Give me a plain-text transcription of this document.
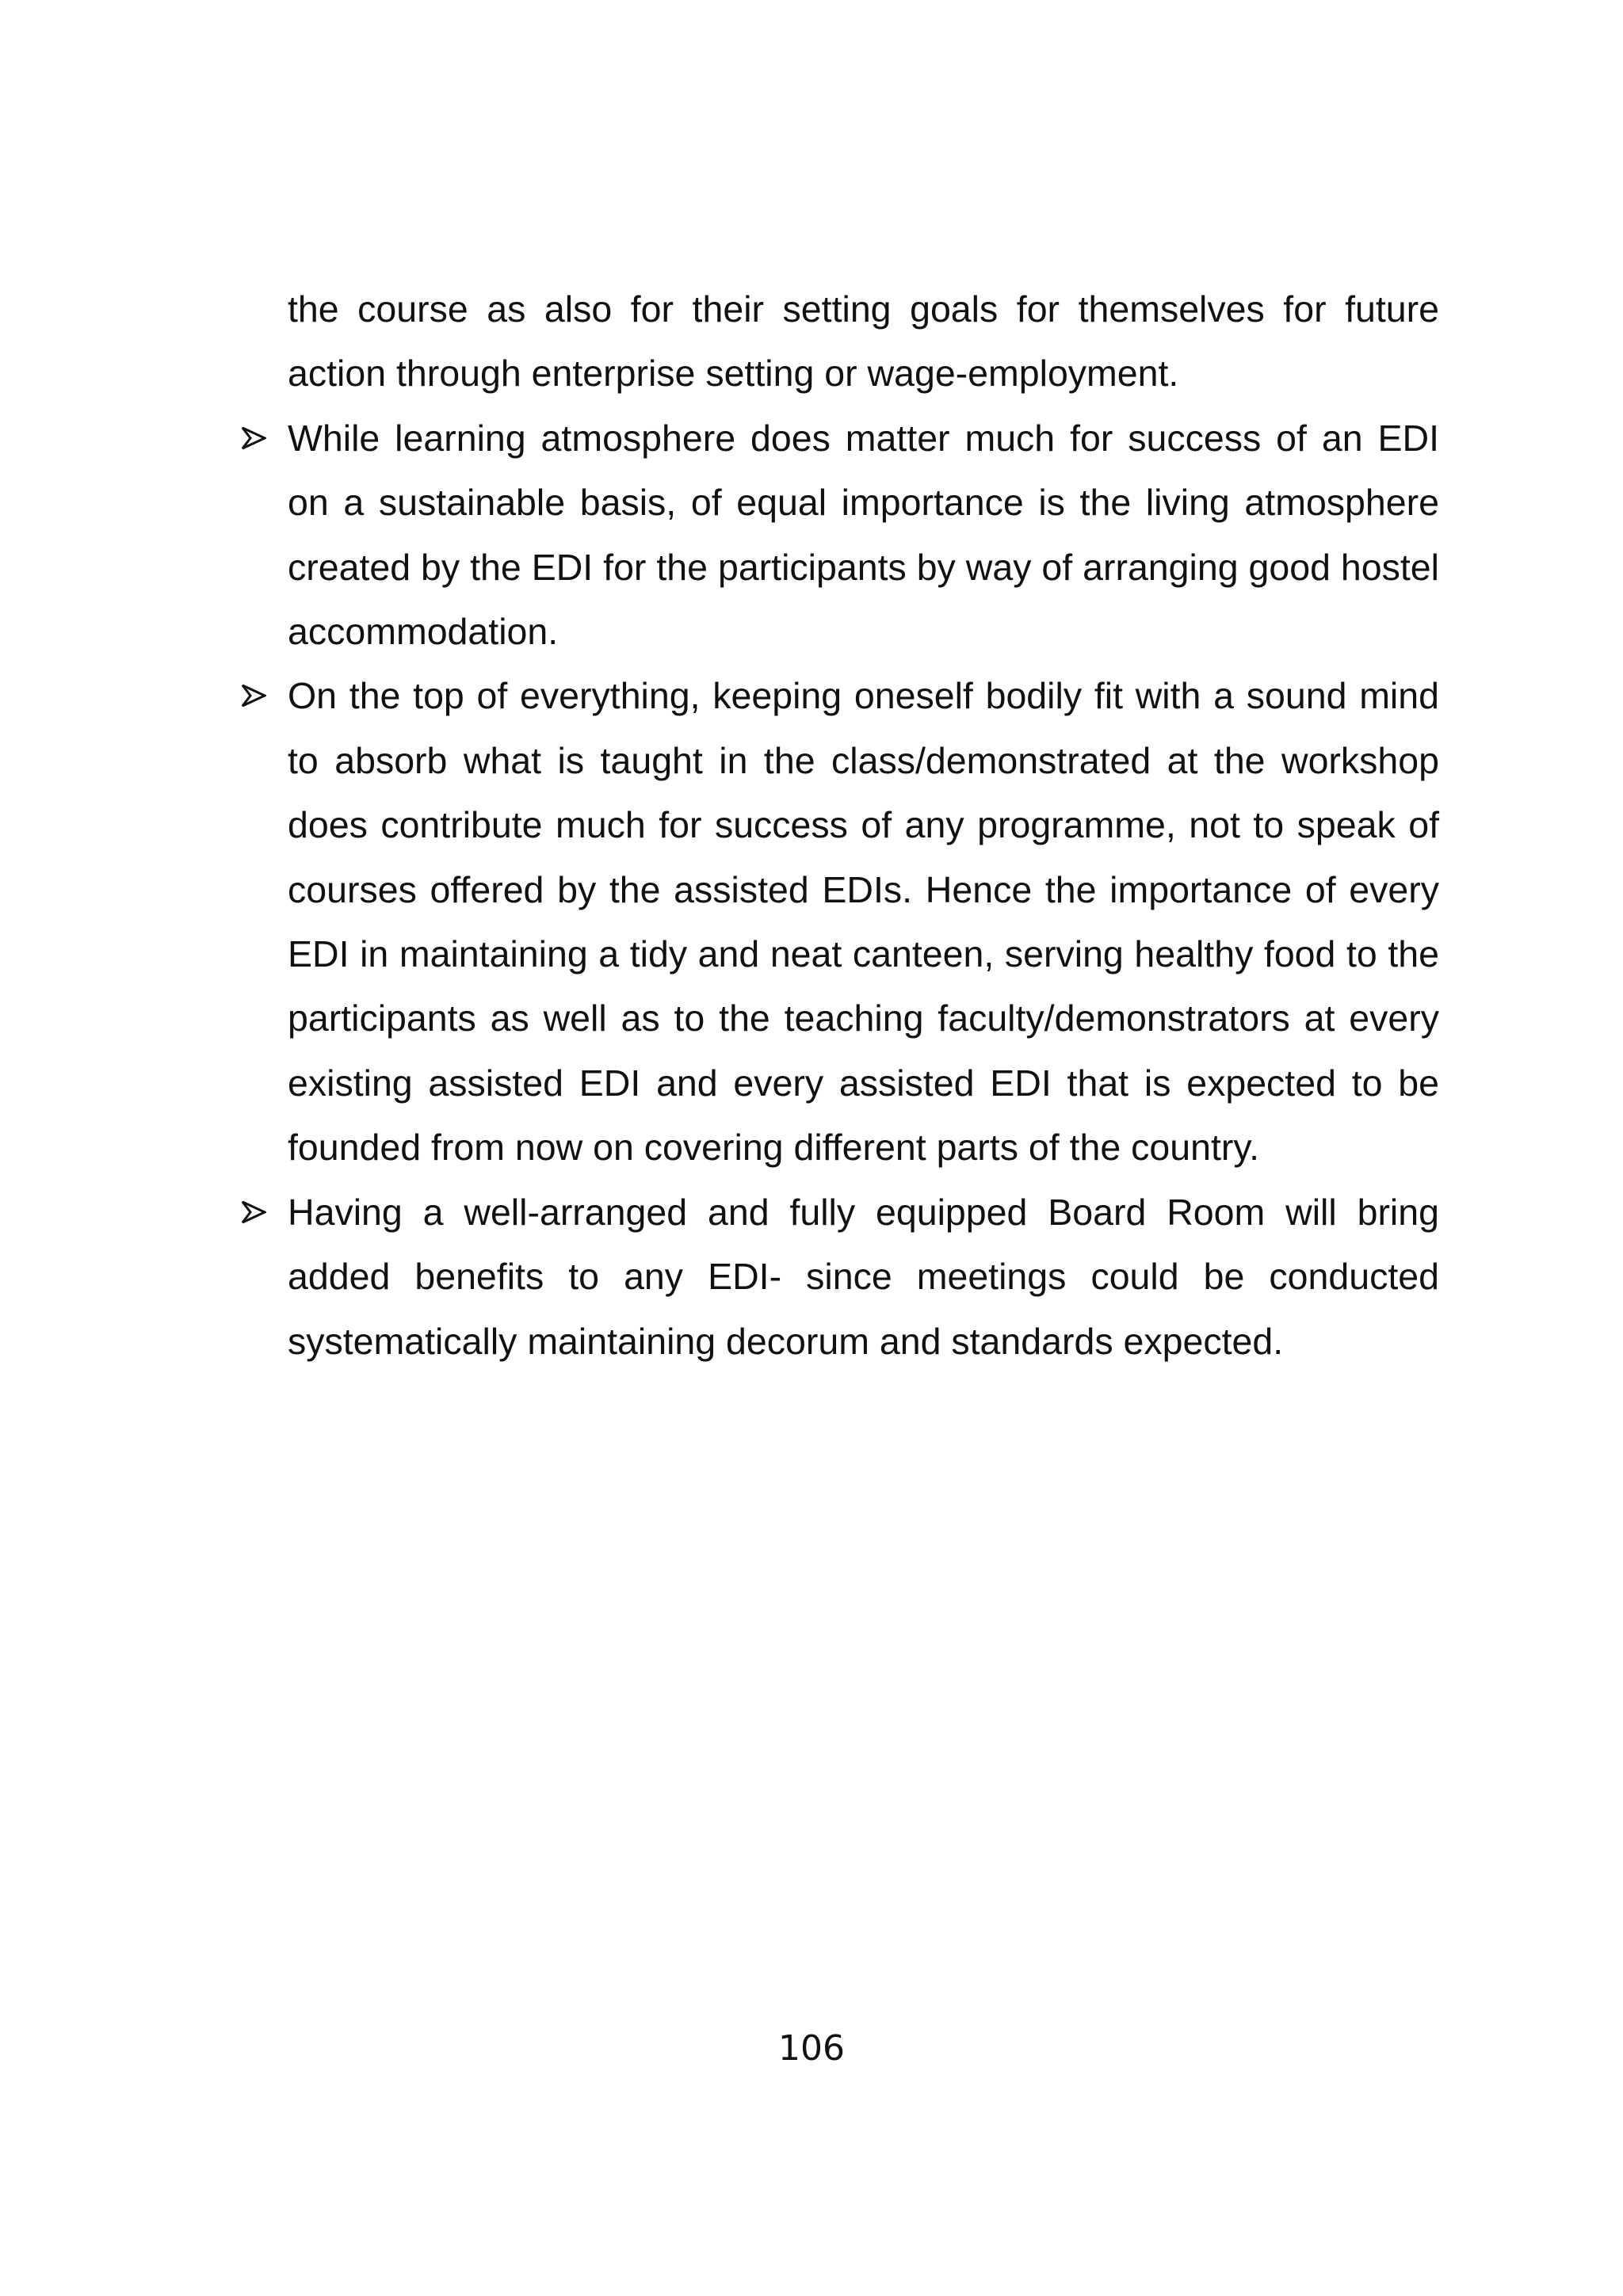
the course as also for their setting goals for themselves for future action through enterprise setting or wage-employment.

While learning atmosphere does matter much for success of an EDI on a sustainable basis, of equal importance is the living atmosphere created by the EDI for the participants by way of arranging good hostel accommodation.
On the top of everything, keeping oneself bodily fit with a sound mind to absorb what is taught in the class/demonstrated at the workshop does contribute much for success of any programme, not to speak of courses offered by the assisted EDIs. Hence the importance of every EDI in maintaining a tidy and neat canteen, serving healthy food to the participants as well as to the teaching faculty/demonstrators at every existing assisted EDI and every assisted EDI that is expected to be founded from now on covering different parts of the country.
Having a well-arranged and fully equipped Board Room will bring added benefits to any EDI- since meetings could be conducted systematically maintaining decorum and standards expected.
106
